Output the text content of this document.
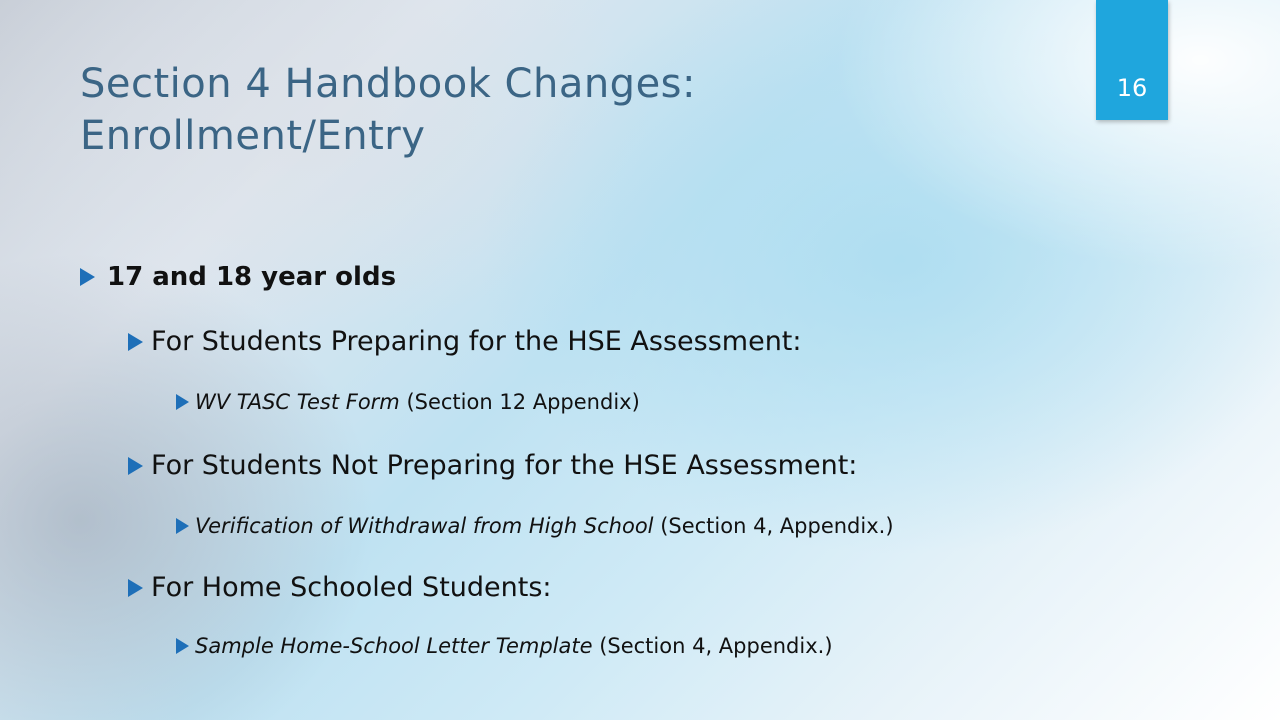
Section 4 Handbook Changes:
Enrollment/Entry
16
17 and 18 year olds
For Students Preparing for the HSE Assessment:
WV TASC Test Form (Section 12 Appendix)
For Students Not Preparing for the HSE Assessment:
Verification of Withdrawal from High School (Section 4, Appendix.)
For Home Schooled Students:
Sample Home-School Letter Template (Section 4, Appendix.)
